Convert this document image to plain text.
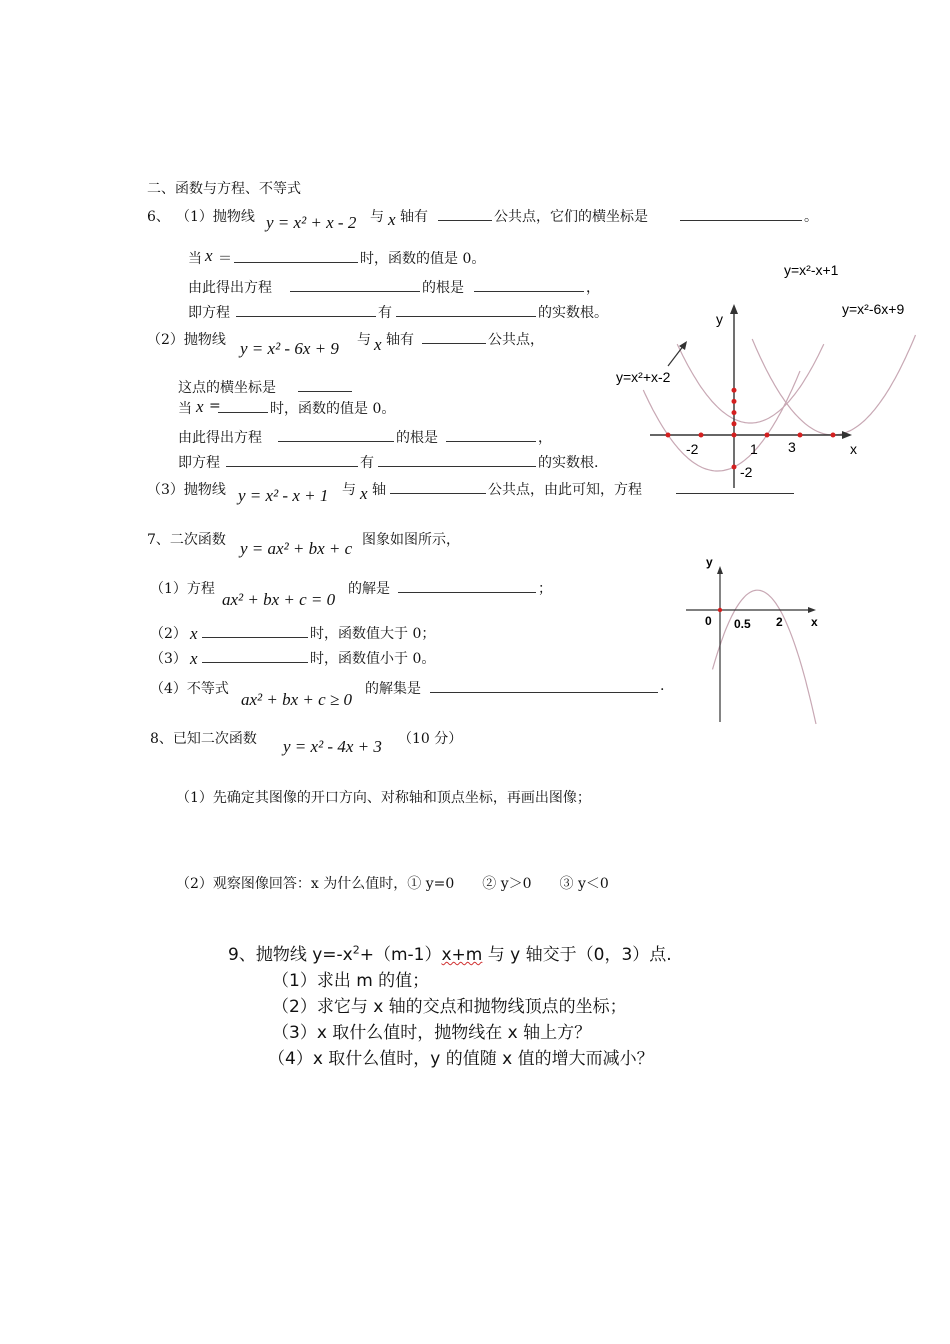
二、函数与方程、不等式
6、 （1）抛物线 y = x² + x - 2 与 x 轴有	公共点，它们的横坐标是	。
当 x ＝	时，函数的值是 0。
由此得出方程	的根是	，
即方程	有	的实数根。
（2）抛物线 y = x² - 6x + 9 与 x 轴有	公共点，
这点的横坐标是
当 x =	时，函数的值是 0。
由此得出方程	的根是	，
即方程	有	的实数根.
（3）抛物线 y = x² - x + 1 与 x 轴	公共点，由此可知，方程
y=x²-x+1
y=x²-6x+9
y=x²+x-2
y
x
-2	1 3
-2
7、二次函数 y = ax² + bx + c 图象如图所示，
（1）方程
ax² + bx + c = 0
的解是	；
（2） x	时，函数值大于 0；
（3） x	时，函数值小于 0。
（4）不等式
ax² + bx + c ≥ 0
的解集是	.
y
x
0 0.5 2
8、已知二次函数 y = x² - 4x + 3 （10 分）
（1）先确定其图像的开口方向、对称轴和顶点坐标，再画出图像；
（2）观察图像回答：x 为什么值时，① y=0　　② y＞0　　③ y＜0
9、抛物线 $y=-x^2+(m-1)x+m$ 与 y 轴交于（0，3）点.
（1）求出 m 的值；
（2）求它与 x 轴的交点和抛物线顶点的坐标；
（3）x 取什么值时，抛物线在 x 轴上方？
（4）x 取什么值时，y 的值随 x 值的增大而减小？
